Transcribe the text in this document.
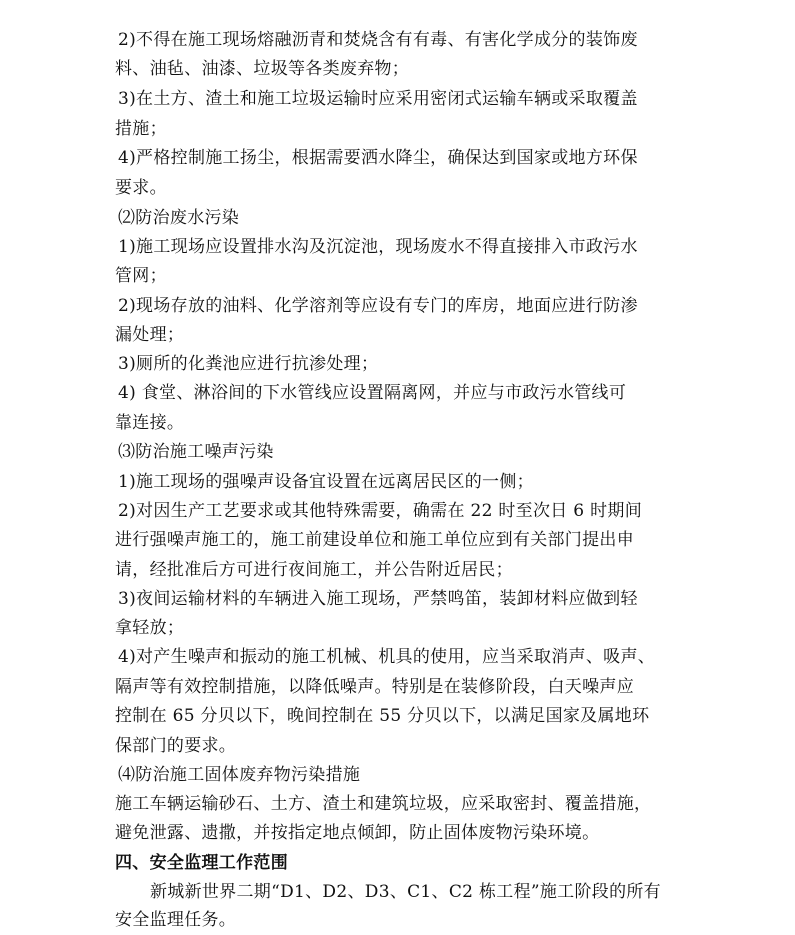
2)不得在施工现场熔融沥青和焚烧含有有毒、有害化学成分的装饰废
料、油毡、油漆、垃圾等各类废弃物；
3)在土方、渣土和施工垃圾运输时应采用密闭式运输车辆或采取覆盖
措施；
4)严格控制施工扬尘，根据需要洒水降尘，确保达到国家或地方环保
要求。
⑵防治废水污染
1)施工现场应设置排水沟及沉淀池，现场废水不得直接排入市政污水
管网；
2)现场存放的油料、化学溶剂等应设有专门的库房，地面应进行防渗
漏处理；
3)厕所的化粪池应进行抗渗处理；
4) 食堂、淋浴间的下水管线应设置隔离网，并应与市政污水管线可
靠连接。
⑶防治施工噪声污染
1)施工现场的强噪声设备宜设置在远离居民区的一侧；
2)对因生产工艺要求或其他特殊需要，确需在 22 时至次日 6 时期间
进行强噪声施工的，施工前建设单位和施工单位应到有关部门提出申
请，经批准后方可进行夜间施工，并公告附近居民；
3)夜间运输材料的车辆进入施工现场，严禁鸣笛，装卸材料应做到轻
拿轻放；
4)对产生噪声和振动的施工机械、机具的使用，应当采取消声、吸声、
隔声等有效控制措施，以降低噪声。特别是在装修阶段，白天噪声应
控制在 65 分贝以下，晚间控制在 55 分贝以下，以满足国家及属地环
保部门的要求。
⑷防治施工固体废弃物污染措施
施工车辆运输砂石、土方、渣土和建筑垃圾，应采取密封、覆盖措施，
避免泄露、遗撒，并按指定地点倾卸，防止固体废物污染环境。
四、安全监理工作范围
新城新世界二期“D1、D2、D3、C1、C2 栋工程”施工阶段的所有
安全监理任务。
